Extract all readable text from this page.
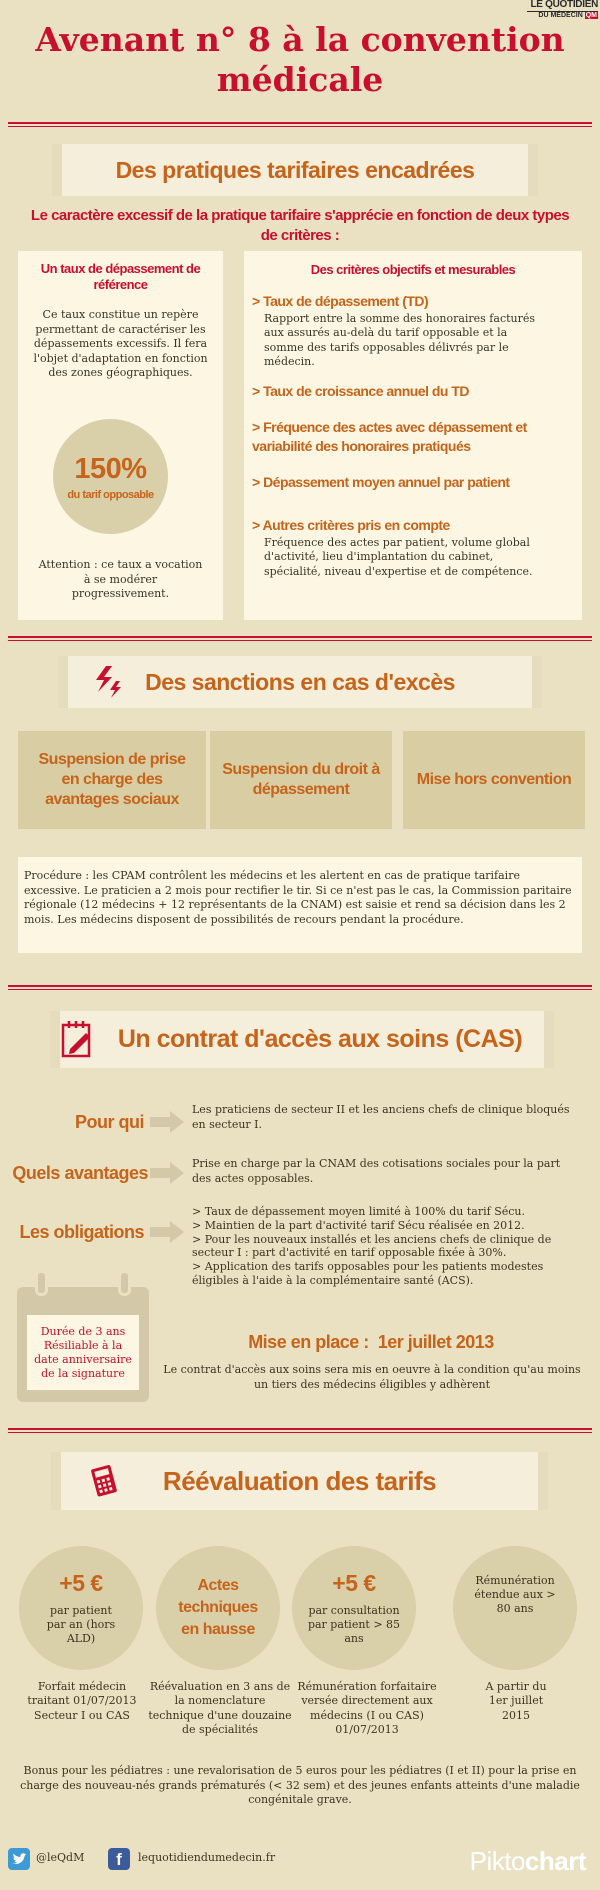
LE QUOTIDIEN
DU MÉDECIN QM
Avenant n° 8 à la convention
médicale
Des pratiques tarifaires encadrées
Le caractère excessif de la pratique tarifaire s'apprécie en fonction de deux types de critères :
Un taux de dépassement de référence
Ce taux constitue un repère permettant de caractériser les dépassements excessifs. Il fera l'objet d'adaptation en fonction des zones géographiques.
150%
du tarif opposable
Attention : ce taux a vocation à se modérer progressivement.
Des critères objectifs et mesurables
> Taux de dépassement (TD)
Rapport entre la somme des honoraires facturés aux assurés au-delà du tarif opposable et la somme des tarifs opposables délivrés par le médecin.
> Taux de croissance annuel du TD
> Fréquence des actes avec dépassement et variabilité des honoraires pratiqués
> Dépassement moyen annuel par patient
> Autres critères pris en compte
Fréquence des actes par patient, volume global d'activité, lieu d'implantation du cabinet, spécialité, niveau d'expertise et de compétence.
Des sanctions en cas d'excès
Suspension de prise en charge des avantages sociaux
Suspension du droit à dépassement
Mise hors convention
Procédure : les CPAM contrôlent les médecins et les alertent en cas de pratique tarifaire excessive. Le praticien a 2 mois pour rectifier le tir. Si ce n'est pas le cas, la Commission paritaire régionale (12 médecins + 12 représentants de la CNAM) est saisie et rend sa décision dans les 2 mois. Les médecins disposent de possibilités de recours pendant la procédure.
Un contrat d'accès aux soins (CAS)
Pour qui
Les praticiens de secteur II et les anciens chefs de clinique bloqués en secteur I.
Quels avantages	Prise en charge par la CNAM des cotisations sociales pour la part des actes opposables.
Les obligations
> Taux de dépassement moyen limité à 100% du tarif Sécu.
> Maintien de la part d'activité tarif Sécu réalisée en 2012.
> Pour les nouveaux installés et les anciens chefs de clinique de secteur I : part d'activité en tarif opposable fixée à 30%.
> Application des tarifs opposables pour les patients modestes éligibles à l'aide à la complémentaire santé (ACS).
Durée de 3 ans Résiliable à la date anniversaire de la signature
Mise en place :  1er juillet 2013
Le contrat d'accès aux soins sera mis en oeuvre à la condition qu'au moins un tiers des médecins éligibles y adhèrent
Réévaluation des tarifs
+5 €
par patient par an (hors ALD)
Forfait médecin traitant 01/07/2013 Secteur I ou CAS
Actes techniques en hausse
Réévaluation en 3 ans de la nomenclature technique d'une douzaine de spécialités
+5 €
par consultation par patient > 85 ans
Rémunération forfaitaire versée directement aux médecins (I ou CAS) 01/07/2013
Rémunération étendue aux > 80 ans
A partir du 1er juillet 2015
Bonus pour les pédiatres : une revalorisation de 5 euros pour les pédiatres (I et II) pour la prise en charge des nouveau-nés grands prématurés (< 32 sem) et des jeunes enfants atteints d'une maladie congénitale grave.
@leQdM	f	lequotidiendumedecin.fr	Piktochart
